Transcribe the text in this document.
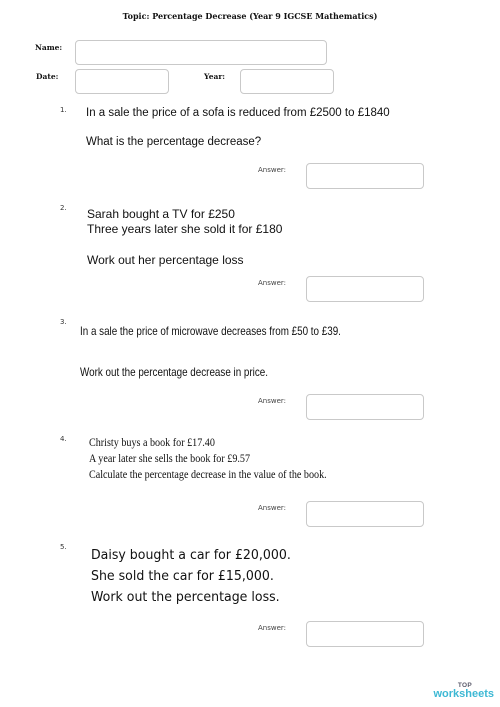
Topic: Percentage Decrease (Year 9 IGCSE Mathematics)
Name:
Date:	Year:
1. In a sale the price of a sofa is reduced from £2500 to £1840
What is the percentage decrease?
Answer:
2. Sarah bought a TV for £250
Three years later she sold it for £180
Work out her percentage loss
Answer:
3.
In a sale the price of microwave decreases from £50 to £39.
Work out the percentage decrease in price.
Answer:
4. Christy buys a book for £17.40
A year later she sells the book for £9.57
Calculate the percentage decrease in the value of the book.
Answer:
5. Daisy bought a car for £20,000.
She sold the car for £15,000.
Work out the percentage loss.
Answer:
TOP
worksheets
